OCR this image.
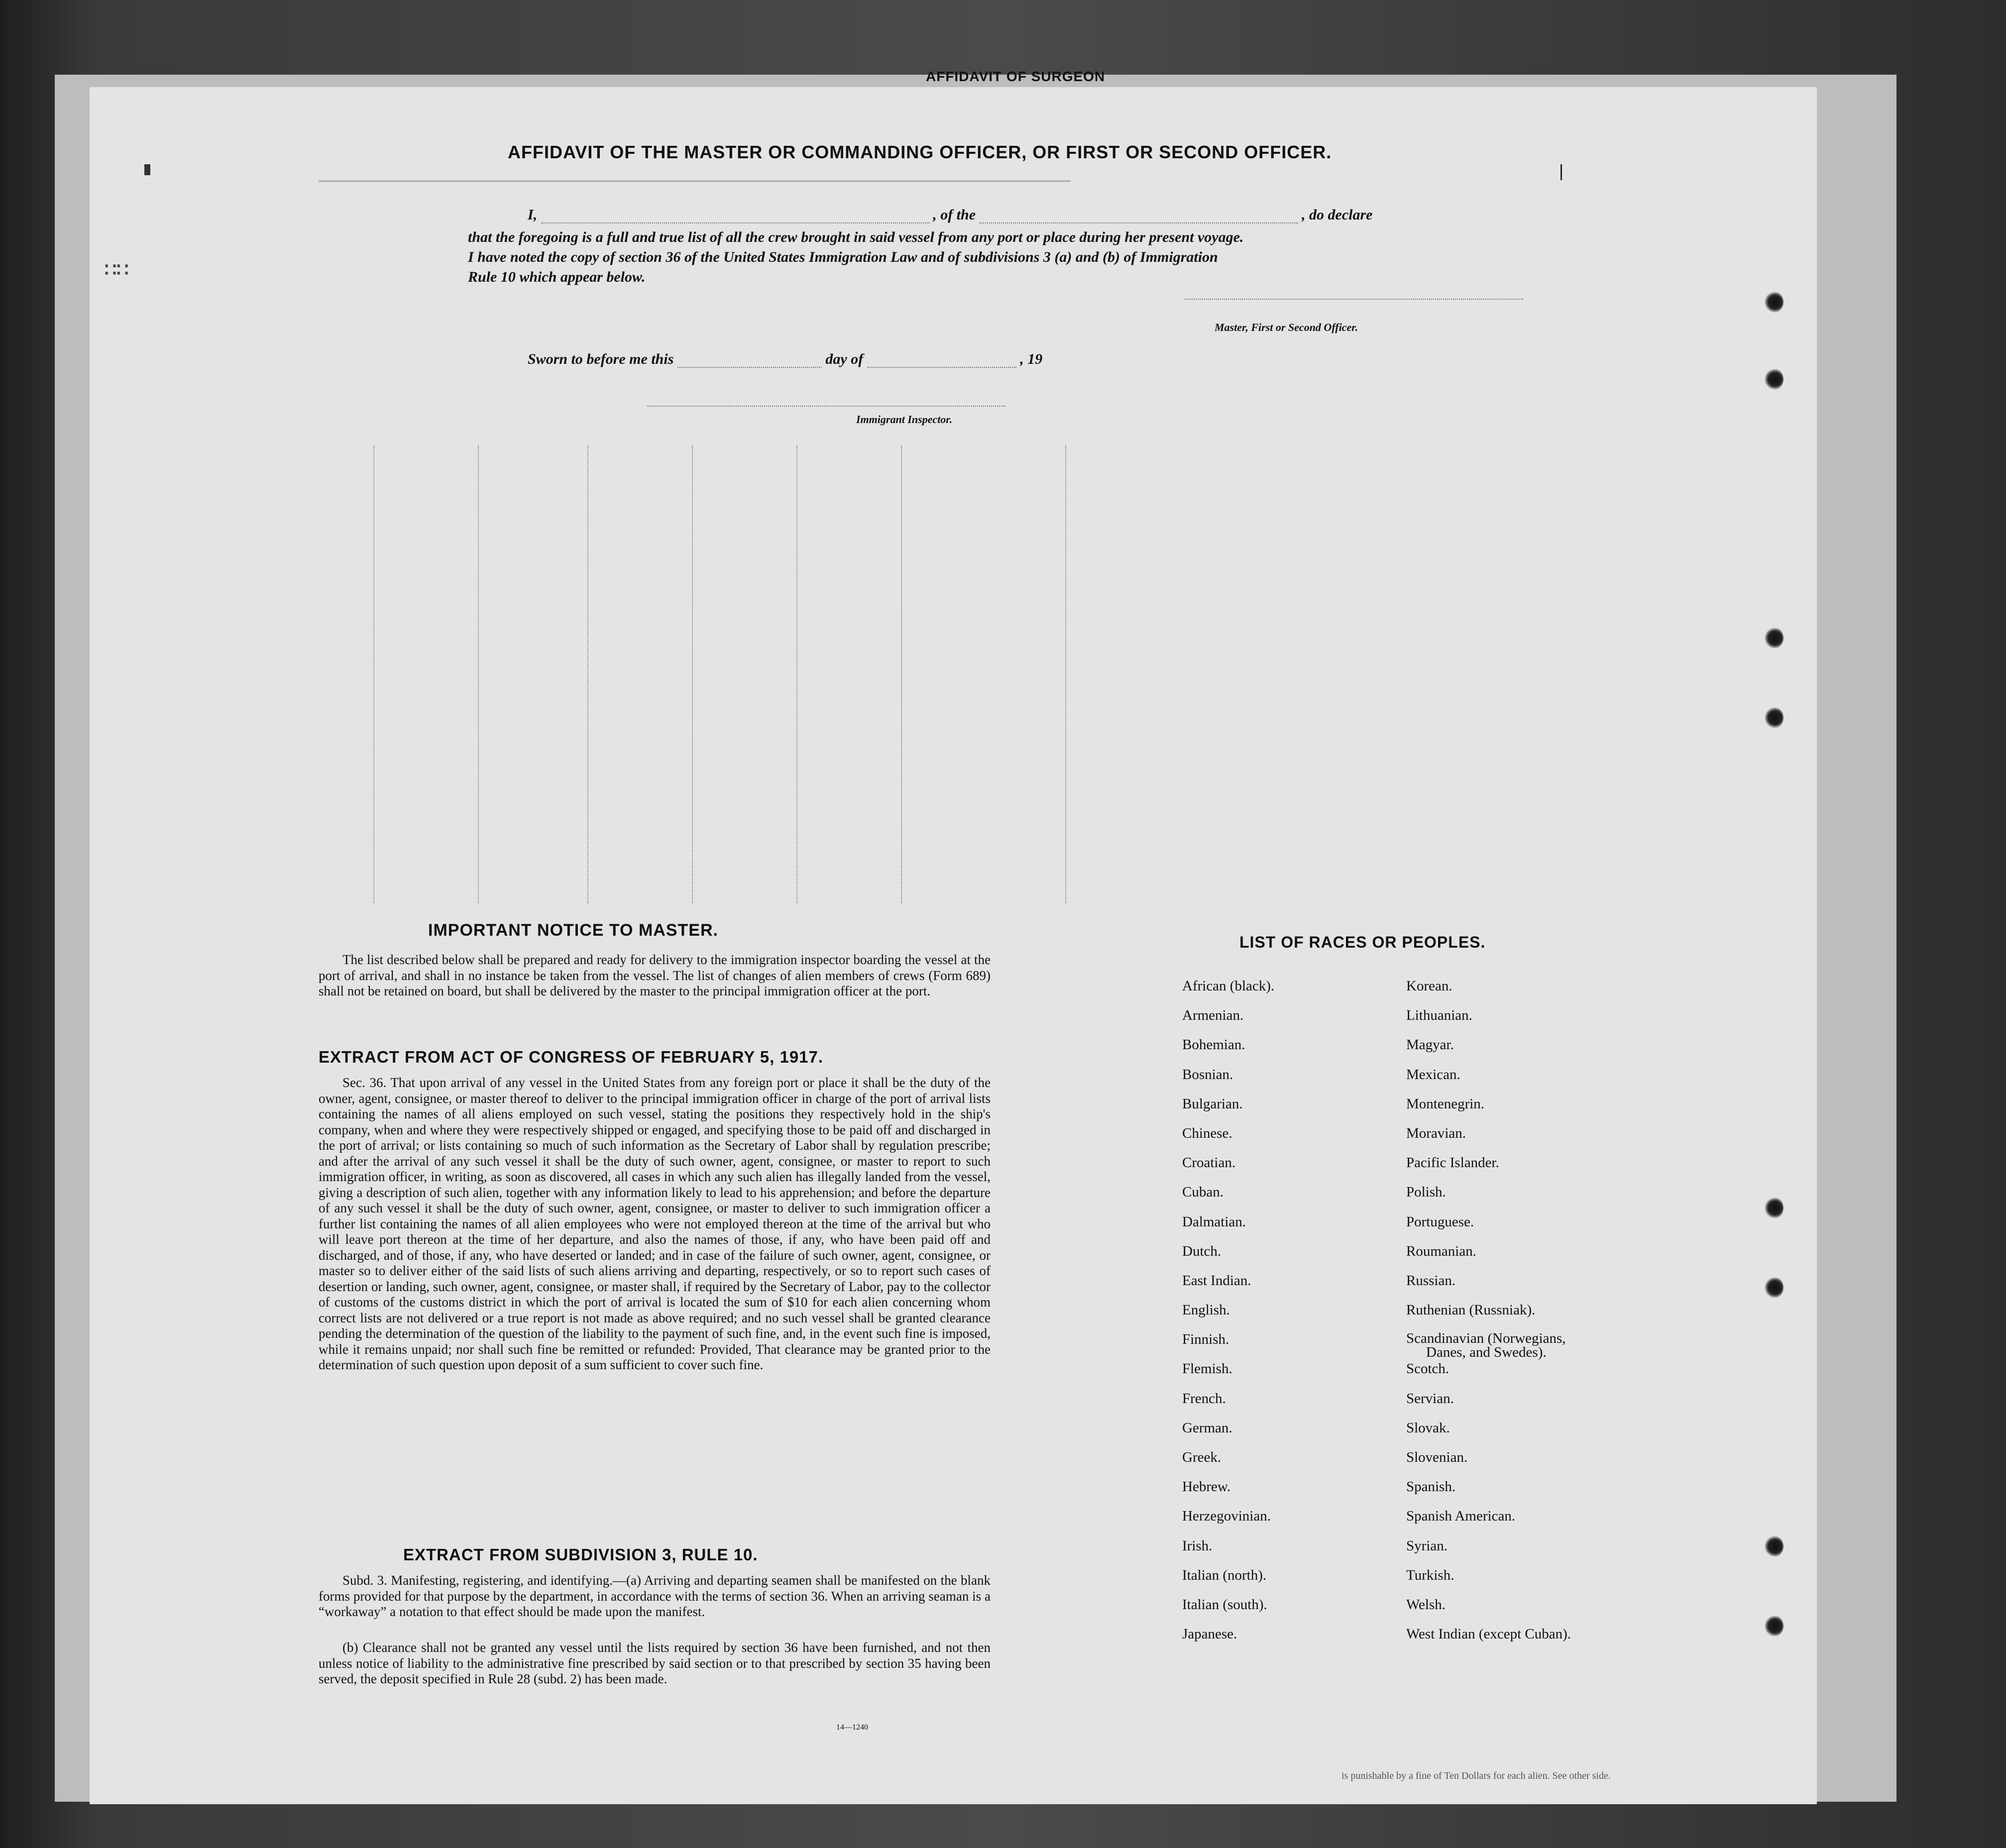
AFFIDAVIT OF SURGEON
─────────────────────────────────────────
AFFIDAVIT OF THE MASTER OR COMMANDING OFFICER, OR FIRST OR SECOND OFFICER.
I,	, of the	, do declare
that the foregoing is a full and true list of all the crew brought in said vessel from any port or place during her present voyage.
I have noted the copy of section 36 of the United States Immigration Law and of subdivisions 3 (a) and (b) of Immigration
Rule 10 which appear below.
Master, First or Second Officer.
Sworn to before me this	day of	, 19
Immigrant Inspector.
∷∷
IMPORTANT NOTICE TO MASTER.
The list described below shall be prepared and ready for delivery to the immigration inspector boarding the vessel at the port of arrival, and shall in no instance be taken from the vessel. The list of changes of alien members of crews (Form 689) shall not be retained on board, but shall be delivered by the master to the principal immigration officer at the port.
EXTRACT FROM ACT OF CONGRESS OF FEBRUARY 5, 1917.
Sec. 36. That upon arrival of any vessel in the United States from any foreign port or place it shall be the duty of the owner, agent, consignee, or master thereof to deliver to the principal immigration officer in charge of the port of arrival lists containing the names of all aliens employed on such vessel, stating the positions they respectively hold in the ship's company, when and where they were respectively shipped or engaged, and specifying those to be paid off and discharged in the port of arrival; or lists containing so much of such information as the Secretary of Labor shall by regulation prescribe; and after the arrival of any such vessel it shall be the duty of such owner, agent, consignee, or master to report to such immigration officer, in writing, as soon as discovered, all cases in which any such alien has illegally landed from the vessel, giving a description of such alien, together with any information likely to lead to his apprehension; and before the departure of any such vessel it shall be the duty of such owner, agent, consignee, or master to deliver to such immigration officer a further list containing the names of all alien employees who were not employed thereon at the time of the arrival but who will leave port thereon at the time of her departure, and also the names of those, if any, who have been paid off and discharged, and of those, if any, who have deserted or landed; and in case of the failure of such owner, agent, consignee, or master so to deliver either of the said lists of such aliens arriving and departing, respectively, or so to report such cases of desertion or landing, such owner, agent, consignee, or master shall, if required by the Secretary of Labor, pay to the collector of customs of the customs district in which the port of arrival is located the sum of $10 for each alien concerning whom correct lists are not delivered or a true report is not made as above required; and no such vessel shall be granted clearance pending the determination of the question of the liability to the payment of such fine, and, in the event such fine is imposed, while it remains unpaid; nor shall such fine be remitted or refunded: Provided, That clearance may be granted prior to the determination of such question upon deposit of a sum sufficient to cover such fine.
EXTRACT FROM SUBDIVISION 3, RULE 10.
Subd. 3. Manifesting, registering, and identifying.—(a) Arriving and departing seamen shall be manifested on the blank forms provided for that purpose by the department, in accordance with the terms of section 36. When an arriving seaman is a “workaway” a notation to that effect should be made upon the manifest.
(b) Clearance shall not be granted any vessel until the lists required by section 36 have been furnished, and not then unless notice of liability to the administrative fine prescribed by said section or to that prescribed by section 35 having been served, the deposit specified in Rule 28 (subd. 2) has been made.
14—1240
LIST OF RACES OR PEOPLES.
African (black).
Armenian.
Bohemian.
Bosnian.
Bulgarian.
Chinese.
Croatian.
Cuban.
Dalmatian.
Dutch.
East Indian.
English.
Finnish.
Flemish.
French.
German.
Greek.
Hebrew.
Herzegovinian.
Irish.
Italian (north).
Italian (south).
Japanese.
Korean.
Lithuanian.
Magyar.
Mexican.
Montenegrin.
Moravian.
Pacific Islander.
Polish.
Portuguese.
Roumanian.
Russian.
Ruthenian (Russniak).
Scandinavian (Norwegians,
Danes, and Swedes).
Scotch.
Servian.
Slovak.
Slovenian.
Spanish.
Spanish American.
Syrian.
Turkish.
Welsh.
West Indian (except Cuban).
is punishable by a fine of Ten Dollars for each alien. See other side.
